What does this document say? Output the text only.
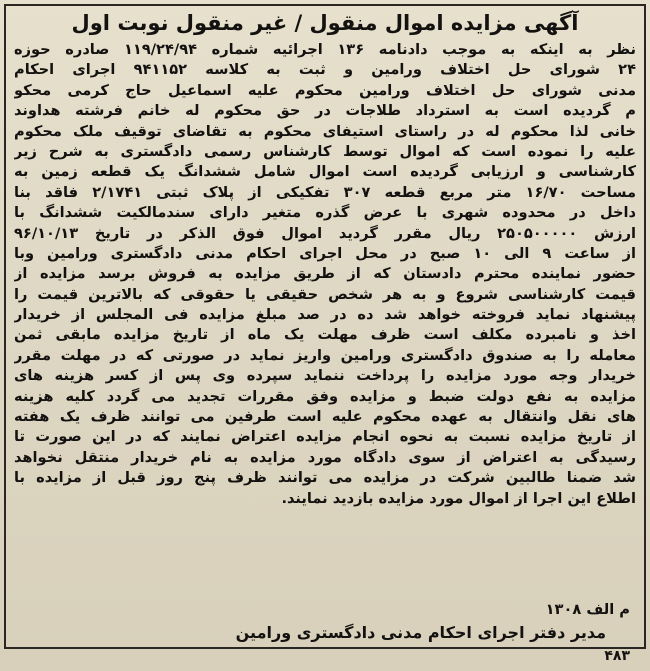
آگهی مزایده اموال منقول / غیر منقول نوبت اول
نظر به اینکه به موجب دادنامه ۱۳۶ اجرائیه شماره ۱۱۹/۲۴/۹۴ صادره حوزه
۲۴ شورای حل اختلاف ورامین و ثبت به کلاسه ۹۴۱۱۵۲ اجرای احکام
مدنی شورای حل اختلاف ورامین محکوم علیه اسماعیل حاج کرمی محکو
م گردیده است به استرداد طلاجات در حق محکوم له خانم فرشته هداوند
خانی لذا محکوم له در راستای استیفای محکوم به تقاضای توقیف ملک محکوم
علیه را نموده است که اموال توسط کارشناس رسمی دادگستری به شرح زیر
کارشناسی و ارزیابی گردیده است اموال شامل ششدانگ یک قطعه زمین به
مساحت ۱۶/۷۰ متر مربع قطعه ۳۰۷ تفکیکی از پلاک ثبتی ۲/۱۷۴۱ فاقد بنا
داخل در محدوده شهری با عرض گذره متغیر دارای سندمالکیت ششدانگ با
ارزش ۲۵۰۵۰۰۰۰۰ ریال مقرر گردید اموال فوق الذکر در تاریخ ۹۶/۱۰/۱۳
از ساعت ۹ الی ۱۰ صبح در محل اجرای احکام مدنی دادگستری ورامین وبا
حضور نماینده محترم دادستان که از طریق مزایده به فروش برسد مزایده از
قیمت کارشناسی شروع و به هر شخص حقیقی یا حقوقی که بالاترین قیمت را
پیشنهاد نماید فروخته خواهد شد ده در صد مبلغ مزایده فی المجلس از خریدار
اخذ و نامبرده مکلف است ظرف مهلت یک ماه از تاریخ مزایده مابقی ثمن
معامله را به صندوق دادگستری ورامین واریز نماید در صورتی که در مهلت مقرر
خریدار وجه مورد مزایده را پرداخت ننماید سپرده وی پس از کسر هزینه های
مزایده به نفع دولت ضبط و مزایده وفق مقررات تجدید می گردد کلیه هزینه
های نقل وانتقال به عهده محکوم علیه است طرفین می توانند ظرف یک هفته
از تاریخ مزایده نسبت به نحوه انجام مزایده اعتراض نمایند که در این صورت تا
رسیدگی به اعتراض از سوی دادگاه مورد مزایده به نام خریدار منتقل نخواهد
شد ضمنا طالبین شرکت در مزایده می توانند ظرف پنج روز قبل از مزایده با
اطلاع این اجرا از اموال مورد مزایده بازدید نمایند.
م الف ۱۳۰۸
مدیر دفتر اجرای احکام مدنی دادگستری ورامین
۴۸۳
